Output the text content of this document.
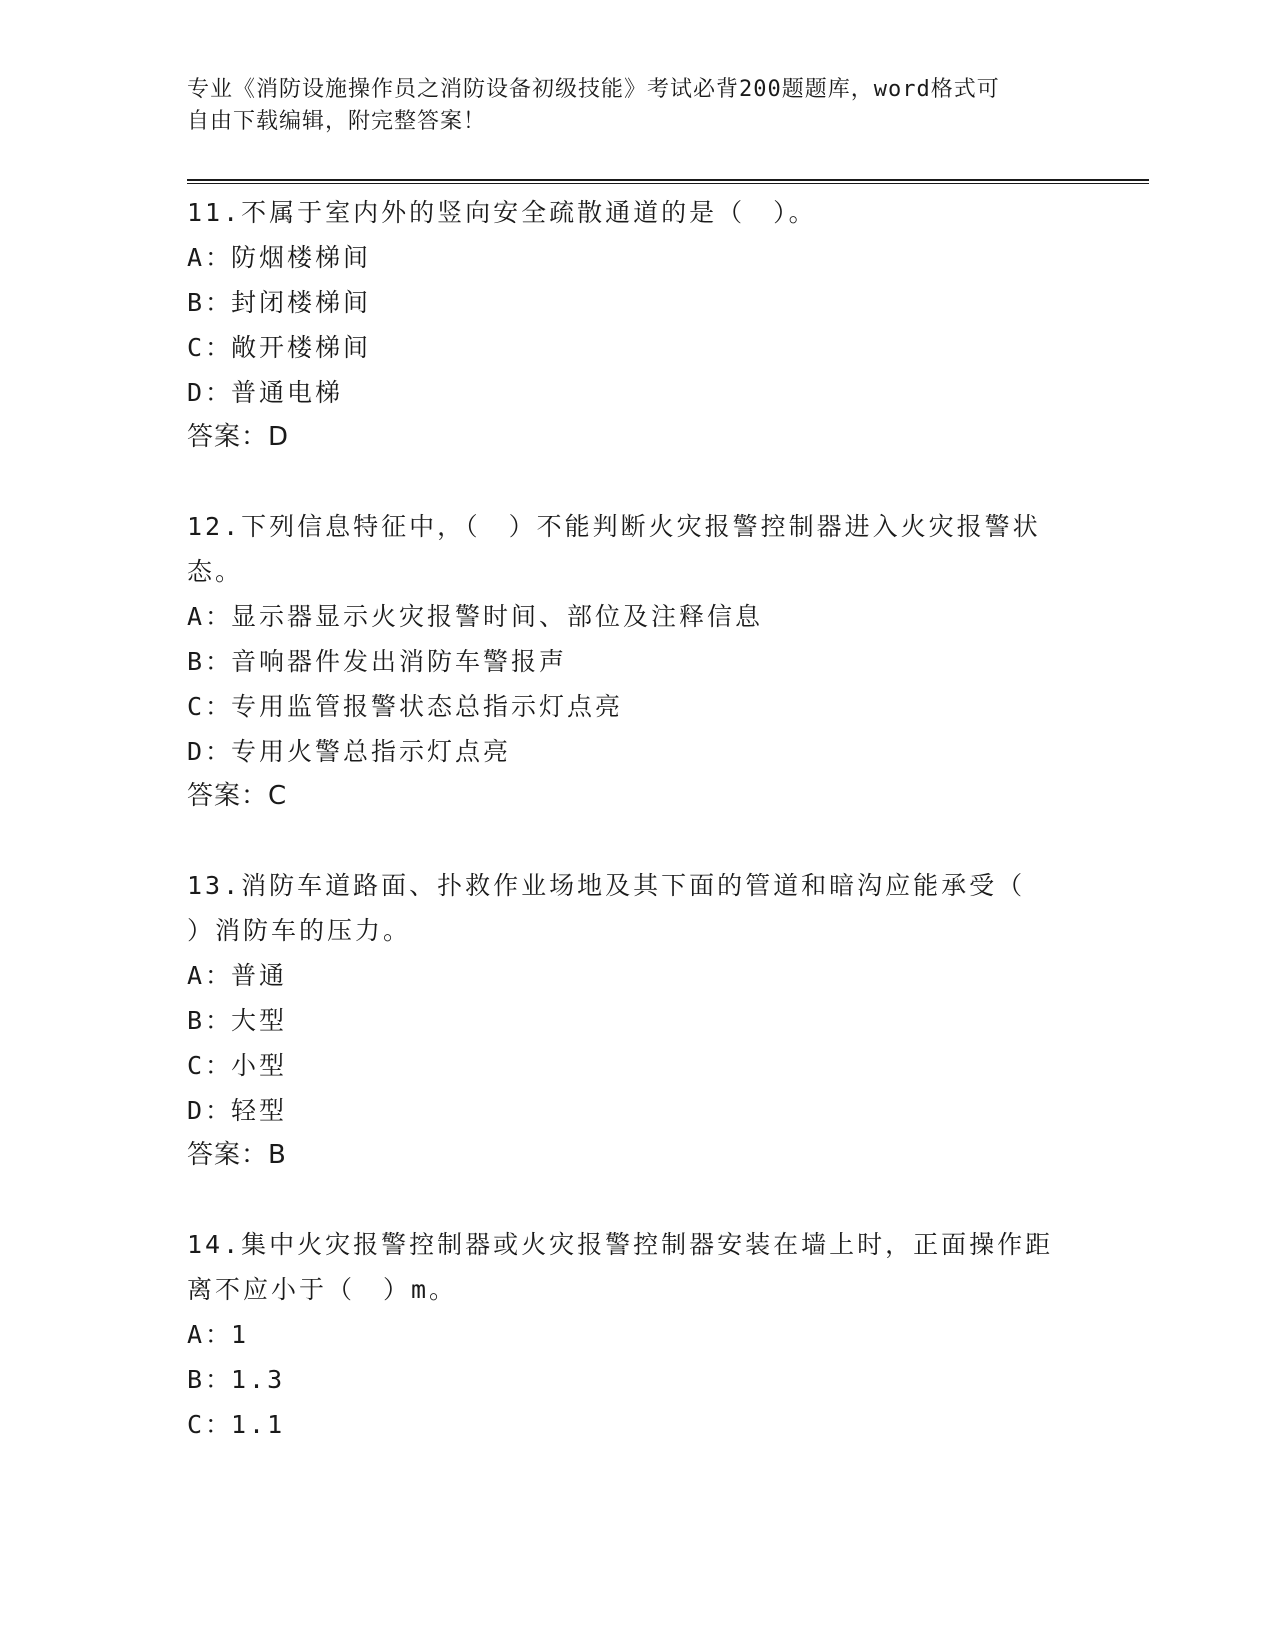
专业《消防设施操作员之消防设备初级技能》考试必背200题题库，word格式可
自由下载编辑，附完整答案！

11.不属于室内外的竖向安全疏散通道的是（　）。

A：防烟楼梯间

B：封闭楼梯间

C：敞开楼梯间

D：普通电梯

答案：D

12.下列信息特征中，（　）不能判断火灾报警控制器进入火灾报警状

态。

A：显示器显示火灾报警时间、部位及注释信息

B：音响器件发出消防车警报声

C：专用监管报警状态总指示灯点亮

D：专用火警总指示灯点亮

答案：C

13.消防车道路面、扑救作业场地及其下面的管道和暗沟应能承受（

）消防车的压力。

A：普通

B：大型

C：小型

D：轻型

答案：B

14.集中火灾报警控制器或火灾报警控制器安装在墙上时，正面操作距

离不应小于（　）m。

A：1

B：1.3

C：1.1
